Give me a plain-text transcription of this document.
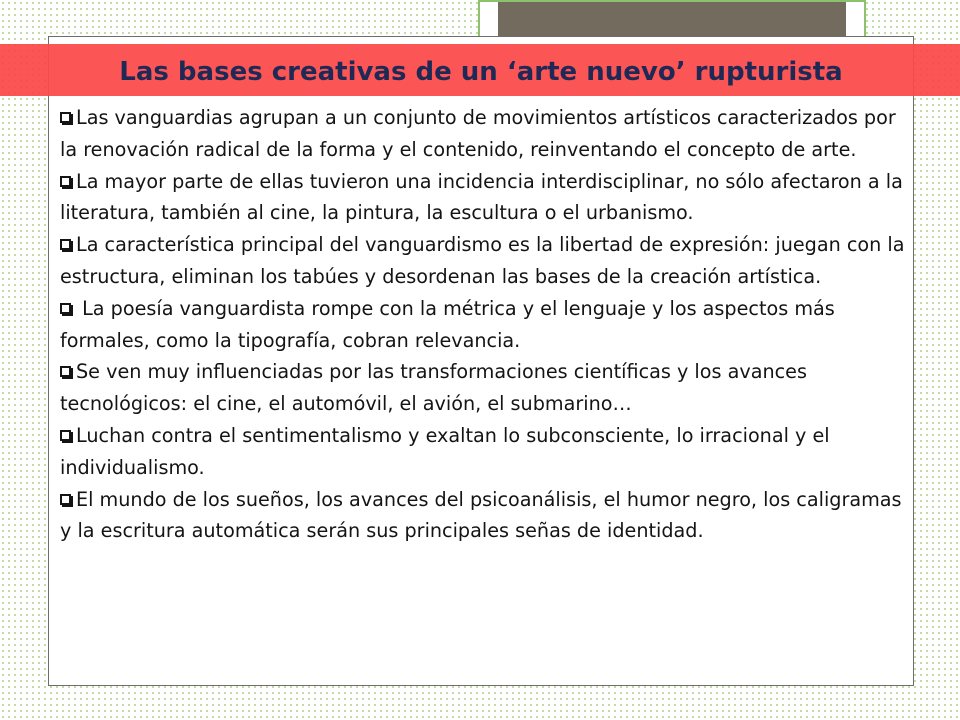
Las bases creativas de un ‘arte nuevo’ rupturista
Las vanguardias agrupan a un conjunto de movimientos artísticos caracterizados por la renovación radical de la forma y el contenido, reinventando el concepto de arte.
La mayor parte de ellas tuvieron una incidencia interdisciplinar, no sólo afectaron a la literatura, también al cine, la pintura, la escultura o el urbanismo.
La característica principal del vanguardismo es la libertad de expresión: juegan con la estructura, eliminan los tabúes y desordenan las bases de la creación artística.
La poesía vanguardista rompe con la métrica y el lenguaje y los aspectos más formales, como la tipografía, cobran relevancia.
Se ven muy influenciadas por las transformaciones científicas y los avances tecnológicos: el cine, el automóvil, el avión, el submarino…
Luchan contra el sentimentalismo y exaltan lo subconsciente, lo irracional y el individualismo.
El mundo de los sueños, los avances del psicoanálisis, el humor negro, los caligramas y la escritura automática serán sus principales señas de identidad.
